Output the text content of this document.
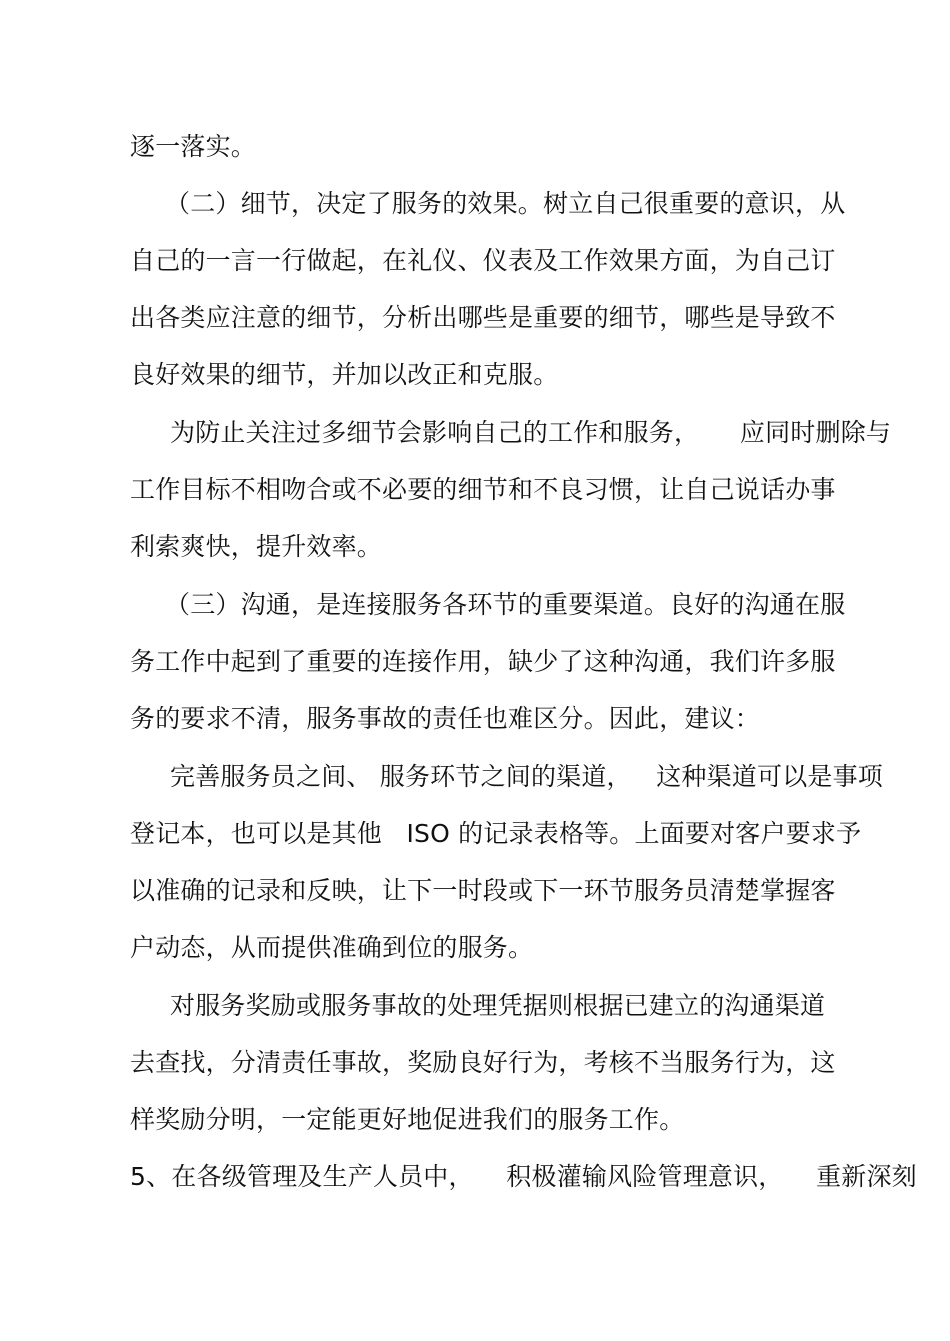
逐一落实。
（二）细节，决定了服务的效果。树立自己很重要的意识，从
自己的一言一行做起，在礼仪、仪表及工作效果方面，为自己订
出各类应注意的细节，分析出哪些是重要的细节，哪些是导致不
良好效果的细节，并加以改正和克服。
为防止关注过多细节会影响自己的工作和服务，     应同时删除与
工作目标不相吻合或不必要的细节和不良习惯，让自己说话办事
利索爽快，提升效率。
（三）沟通，是连接服务各环节的重要渠道。良好的沟通在服
务工作中起到了重要的连接作用，缺少了这种沟通，我们许多服
务的要求不清，服务事故的责任也难区分。因此，建议：
完善服务员之间、 服务环节之间的渠道，   这种渠道可以是事项
登记本，也可以是其他   ISO 的记录表格等。上面要对客户要求予
以准确的记录和反映，让下一时段或下一环节服务员清楚掌握客
户动态，从而提供准确到位的服务。
对服务奖励或服务事故的处理凭据则根据已建立的沟通渠道
去查找，分清责任事故，奖励良好行为，考核不当服务行为，这
样奖励分明，一定能更好地促进我们的服务工作。
5、在各级管理及生产人员中，    积极灌输风险管理意识，    重新深刻
